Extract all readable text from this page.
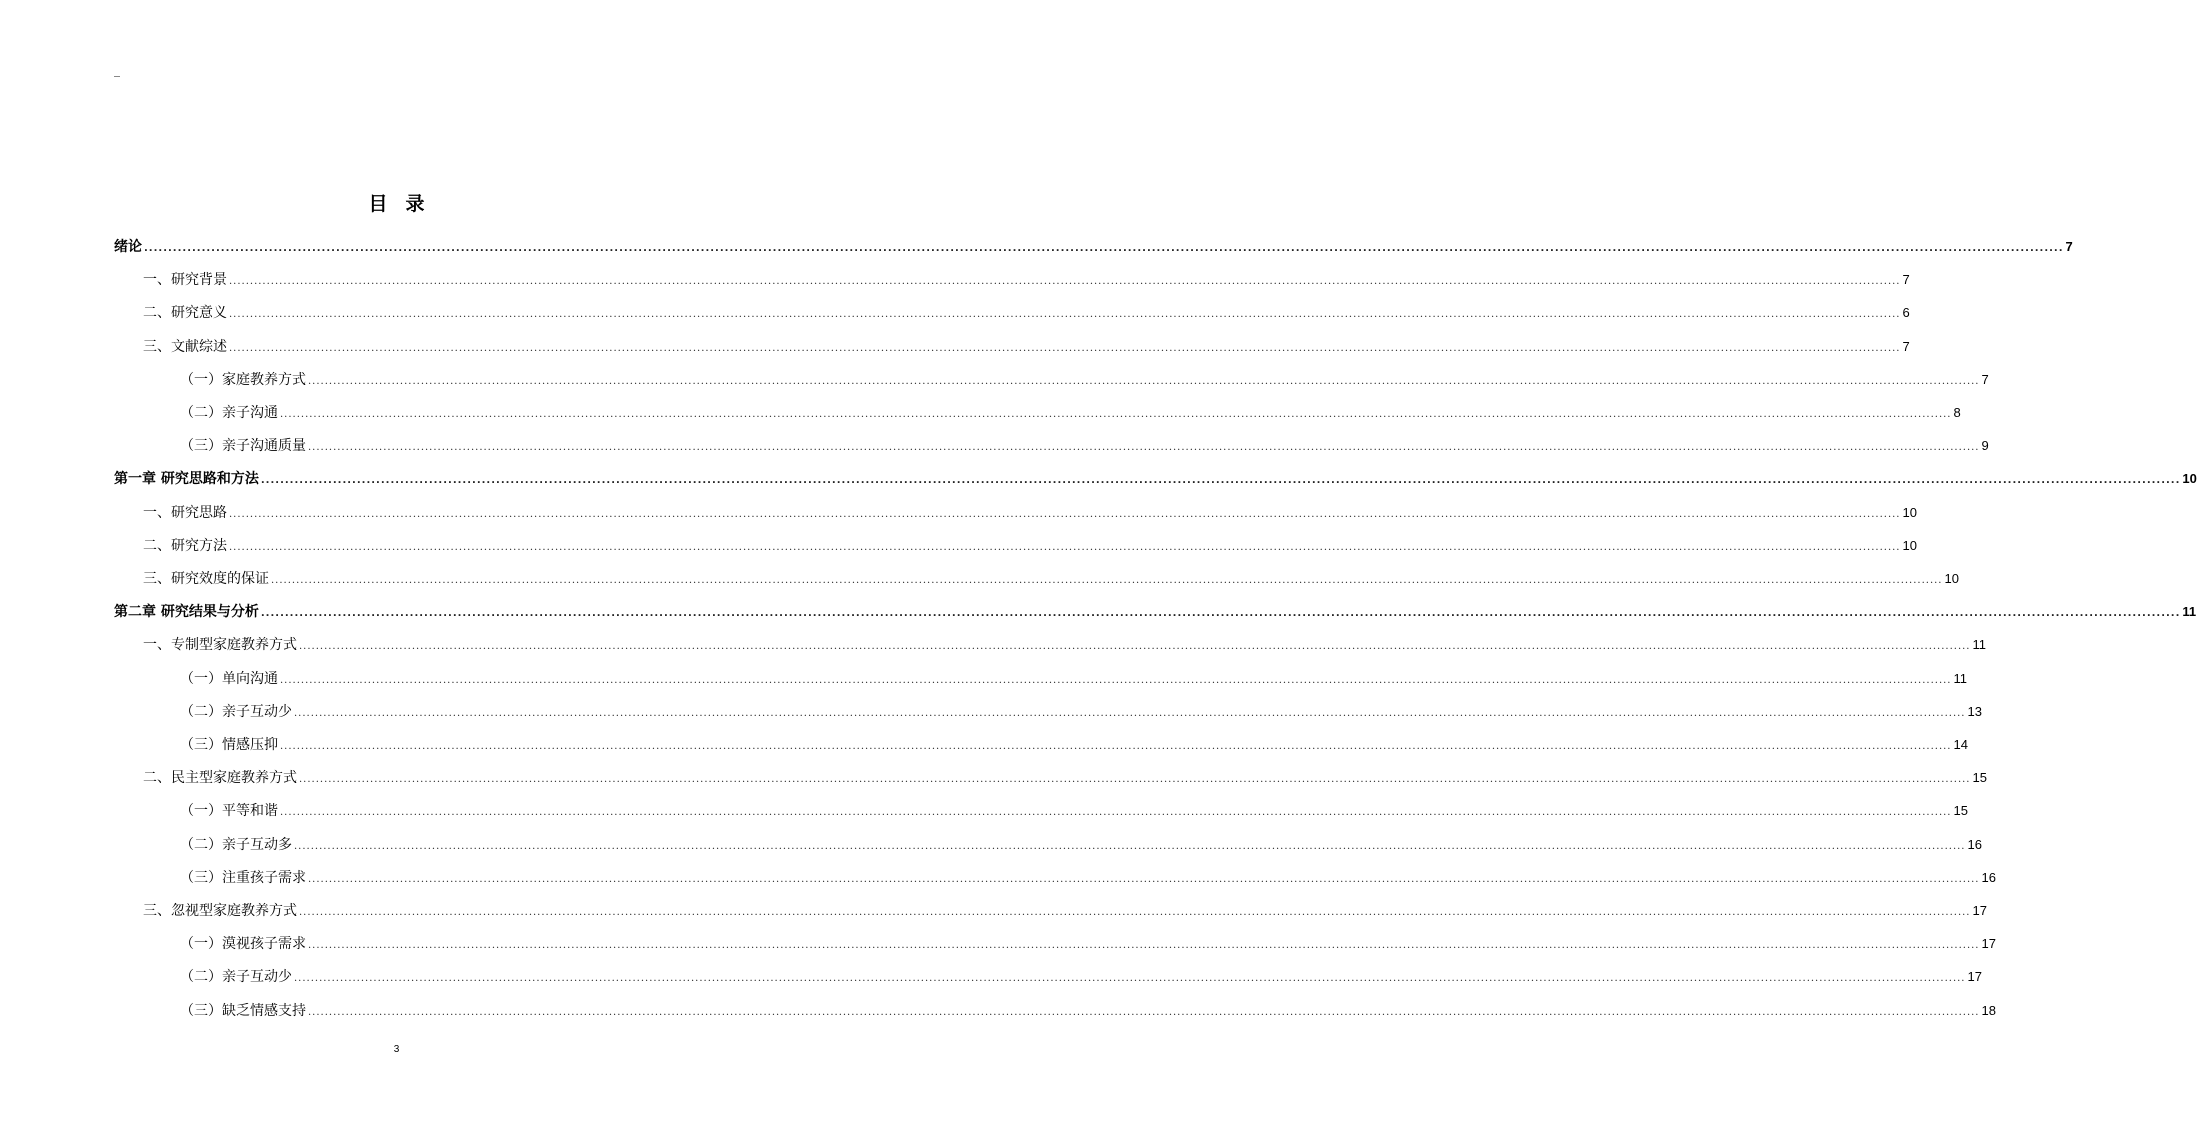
_
目 录
绪论 ................................................................................................................................................................................................................................................................................................................................................................................................................ 7
一、 研究背景 ................................................................................................................................................................................................................................................................................................................................................................................................................ 7
二、 研究意义 ................................................................................................................................................................................................................................................................................................................................................................................................................ 6
三、 文献综述 ................................................................................................................................................................................................................................................................................................................................................................................................................ 7
（一） 家庭教养方式 ................................................................................................................................................................................................................................................................................................................................................................................................................ 7
（二） 亲子沟通 ................................................................................................................................................................................................................................................................................................................................................................................................................ 8
（三） 亲子沟通质量 ................................................................................................................................................................................................................................................................................................................................................................................................................ 9
第一章 研究思路和方法 ................................................................................................................................................................................................................................................................................................................................................................................................................ 10
一、 研究思路 ................................................................................................................................................................................................................................................................................................................................................................................................................ 10
二、 研究方法 ................................................................................................................................................................................................................................................................................................................................................................................................................ 10
三、 研究效度的保证 ................................................................................................................................................................................................................................................................................................................................................................................................................ 10
第二章 研究结果与分析 ................................................................................................................................................................................................................................................................................................................................................................................................................ 11
一、 专制型家庭教养方式 ................................................................................................................................................................................................................................................................................................................................................................................................................ 11
（一） 单向沟通 ................................................................................................................................................................................................................................................................................................................................................................................................................ 11
（二） 亲子互动少 ................................................................................................................................................................................................................................................................................................................................................................................................................ 13
（三） 情感压抑 ................................................................................................................................................................................................................................................................................................................................................................................................................ 14
二、 民主型家庭教养方式 ................................................................................................................................................................................................................................................................................................................................................................................................................ 15
（一） 平等和谐 ................................................................................................................................................................................................................................................................................................................................................................................................................ 15
（二） 亲子互动多 ................................................................................................................................................................................................................................................................................................................................................................................................................ 16
（三） 注重孩子需求 ................................................................................................................................................................................................................................................................................................................................................................................................................ 16
三、 忽视型家庭教养方式 ................................................................................................................................................................................................................................................................................................................................................................................................................ 17
（一） 漠视孩子需求 ................................................................................................................................................................................................................................................................................................................................................................................................................ 17
（二） 亲子互动少 ................................................................................................................................................................................................................................................................................................................................................................................................................ 17
（三） 缺乏情感支持 ................................................................................................................................................................................................................................................................................................................................................................................................................ 18
3
